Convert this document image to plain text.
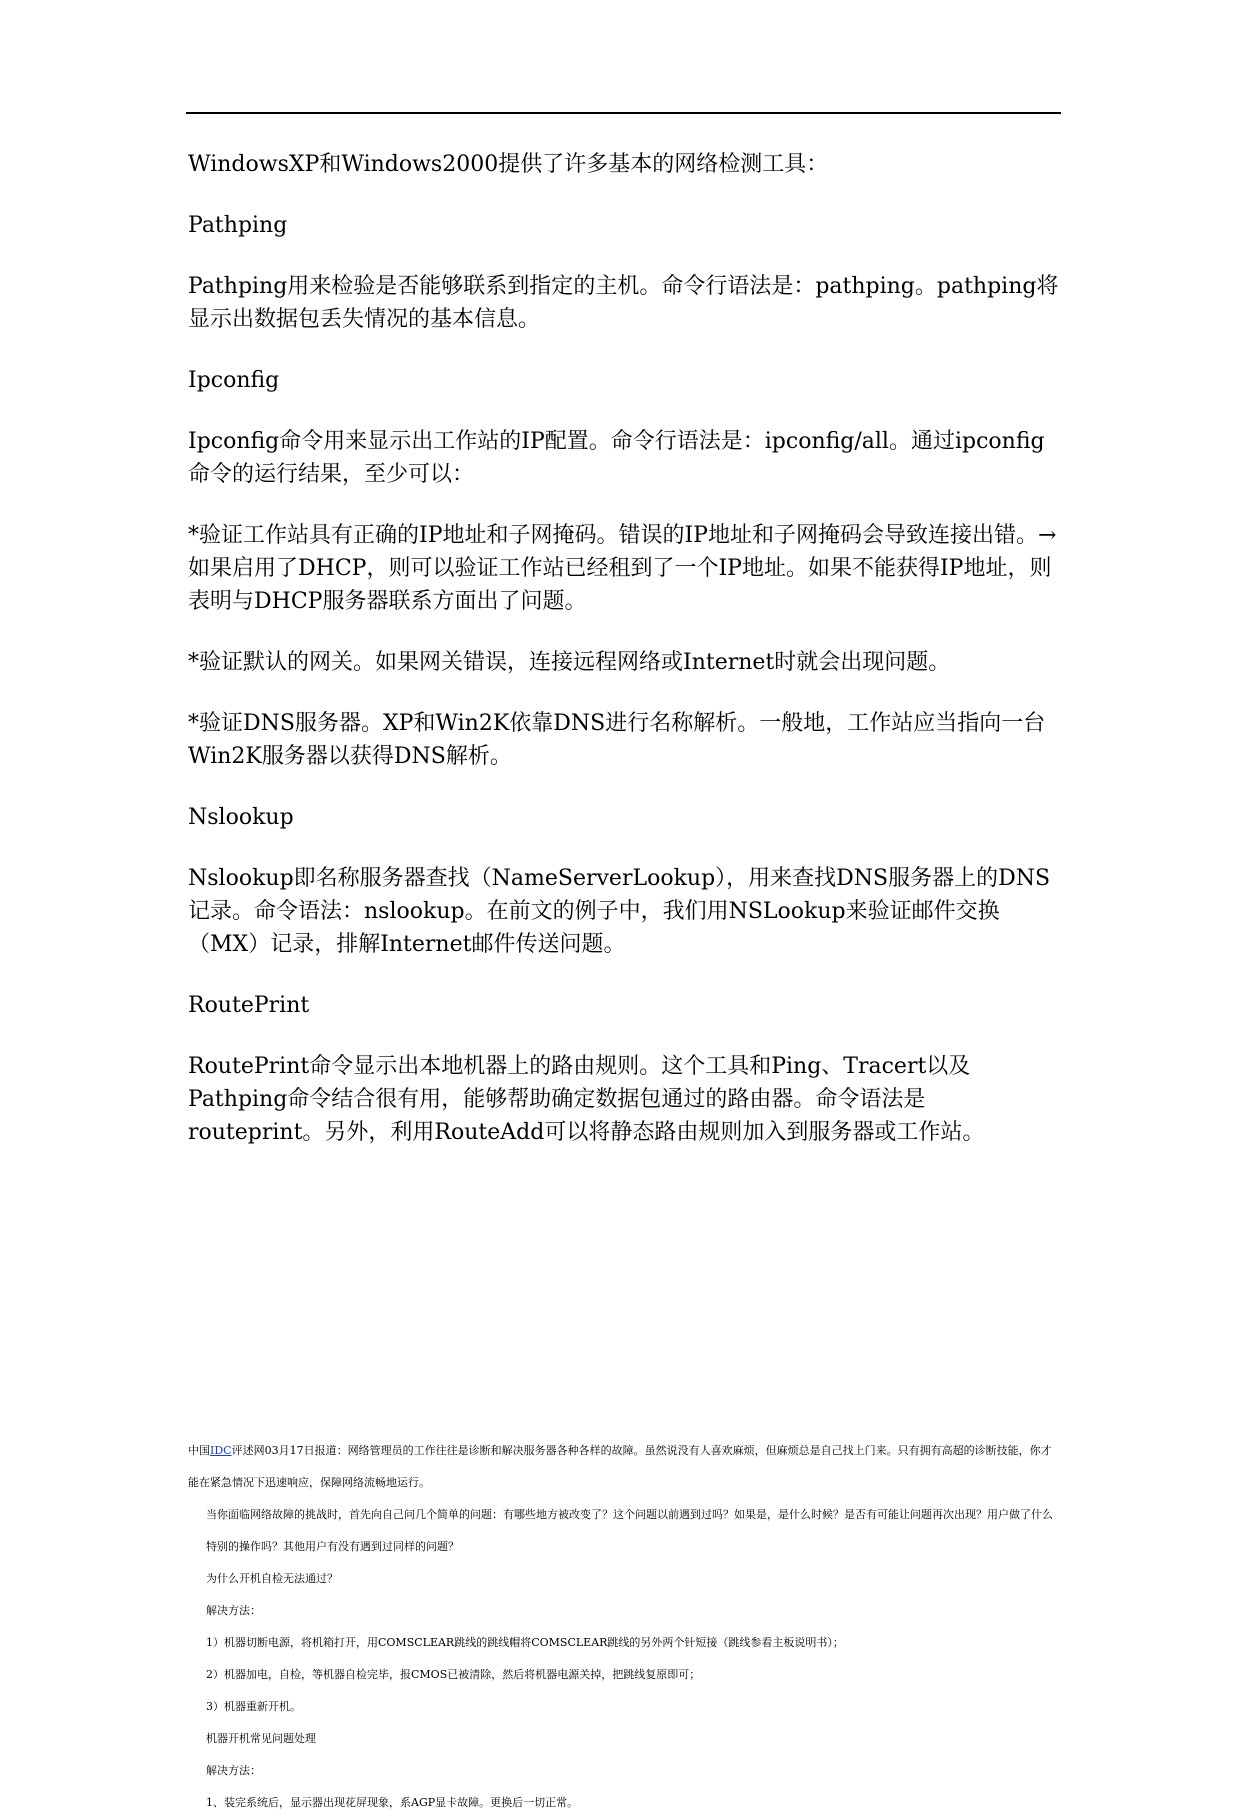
WindowsXP和Windows2000提供了许多基本的网络检测工具：

Pathping

Pathping用来检验是否能够联系到指定的主机。命令行语法是：pathping。pathping将显示出数据包丢失情况的基本信息。

Ipconfig

Ipconfig命令用来显示出工作站的IP配置。命令行语法是：ipconfig/all。通过ipconfig命令的运行结果，至少可以：

*验证工作站具有正确的IP地址和子网掩码。错误的IP地址和子网掩码会导致连接出错。→如果启用了DHCP，则可以验证工作站已经租到了一个IP地址。如果不能获得IP地址，则表明与DHCP服务器联系方面出了问题。

*验证默认的网关。如果网关错误，连接远程网络或Internet时就会出现问题。

*验证DNS服务器。XP和Win2K依靠DNS进行名称解析。一般地，工作站应当指向一台Win2K服务器以获得DNS解析。

Nslookup

Nslookup即名称服务器查找（NameServerLookup），用来查找DNS服务器上的DNS记录。命令语法：nslookup。在前文的例子中，我们用NSLookup来验证邮件交换（MX）记录，排解Internet邮件传送问题。

RoutePrint

RoutePrint命令显示出本地机器上的路由规则。这个工具和Ping、Tracert以及Pathping命令结合很有用，能够帮助确定数据包通过的路由器。命令语法是routeprint。另外，利用RouteAdd可以将静态路由规则加入到服务器或工作站。

中国IDC评述网03月17日报道：网络管理员的工作往往是诊断和解决服务器各种各样的故障。虽然说没有人喜欢麻烦，但麻烦总是自己找上门来。只有拥有高超的诊断技能，你才能在紧急情况下迅速响应，保障网络流畅地运行。

当你面临网络故障的挑战时，首先向自己问几个简单的问题：有哪些地方被改变了？这个问题以前遇到过吗？如果是，是什么时候？是否有可能让问题再次出现？用户做了什么特别的操作吗？其他用户有没有遇到过同样的问题？

为什么开机自检无法通过？

解决方法：

1）机器切断电源，将机箱打开，用COMSCLEAR跳线的跳线帽将COMSCLEAR跳线的另外两个针短接（跳线参看主板说明书）；

2）机器加电，自检，等机器自检完毕，报CMOS已被清除，然后将机器电源关掉，把跳线复原即可；

3）机器重新开机。

机器开机常见问题处理

解决方法：

1、装完系统后，显示器出现花屏现象，系AGP显卡故障。更换后一切正常。
